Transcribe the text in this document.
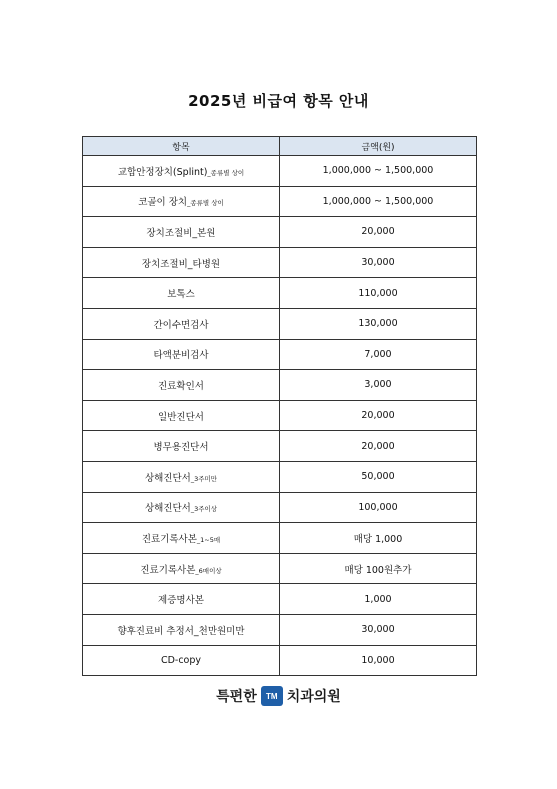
2025년 비급여 항목 안내
항목	금액(원)
교합안정장치(Splint)_종류별 상이	1,000,000 ~ 1,500,000
코골이 장치_종류별 상이	1,000,000 ~ 1,500,000
장치조절비_본원	20,000
장치조절비_타병원	30,000
보톡스	110,000
간이수면검사	130,000
타액분비검사	7,000
진료확인서	3,000
일반진단서	20,000
병무용진단서	20,000
상해진단서_3주미만	50,000
상해진단서_3주이상	100,000
진료기록사본_1~5매	매당 1,000
진료기록사본_6매이상	매당 100원추가
제증명사본	1,000
향후진료비 추정서_천만원미만	30,000
CD-copy	10,000
특편한	TM 치과의원
